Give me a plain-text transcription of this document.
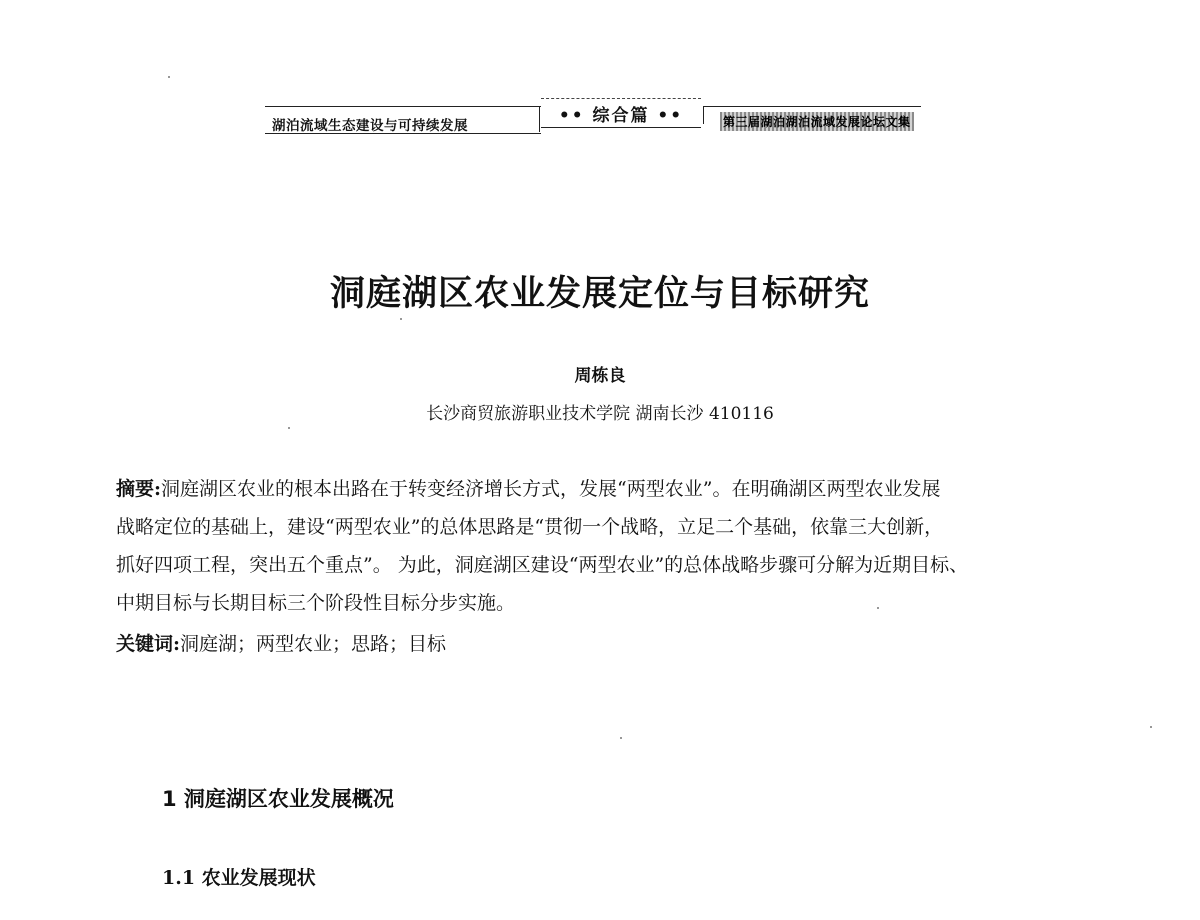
湖泊流域生态建设与可持续发展	•• 综合篇 ••	第三届湖泊湖泊流域发展论坛文集
洞庭湖区农业发展定位与目标研究
周栋良
长沙商贸旅游职业技术学院 湖南长沙 410116
摘要:洞庭湖区农业的根本出路在于转变经济增长方式，发展“两型农业”。在明确湖区两型农业发展
战略定位的基础上，建设“两型农业”的总体思路是“贯彻一个战略，立足二个基础，依靠三大创新，
抓好四项工程，突出五个重点”。 为此，洞庭湖区建设“两型农业”的总体战略步骤可分解为近期目标、
中期目标与长期目标三个阶段性目标分步实施。
关键词:洞庭湖；两型农业；思路；目标
1 洞庭湖区农业发展概况
1.1 农业发展现状
